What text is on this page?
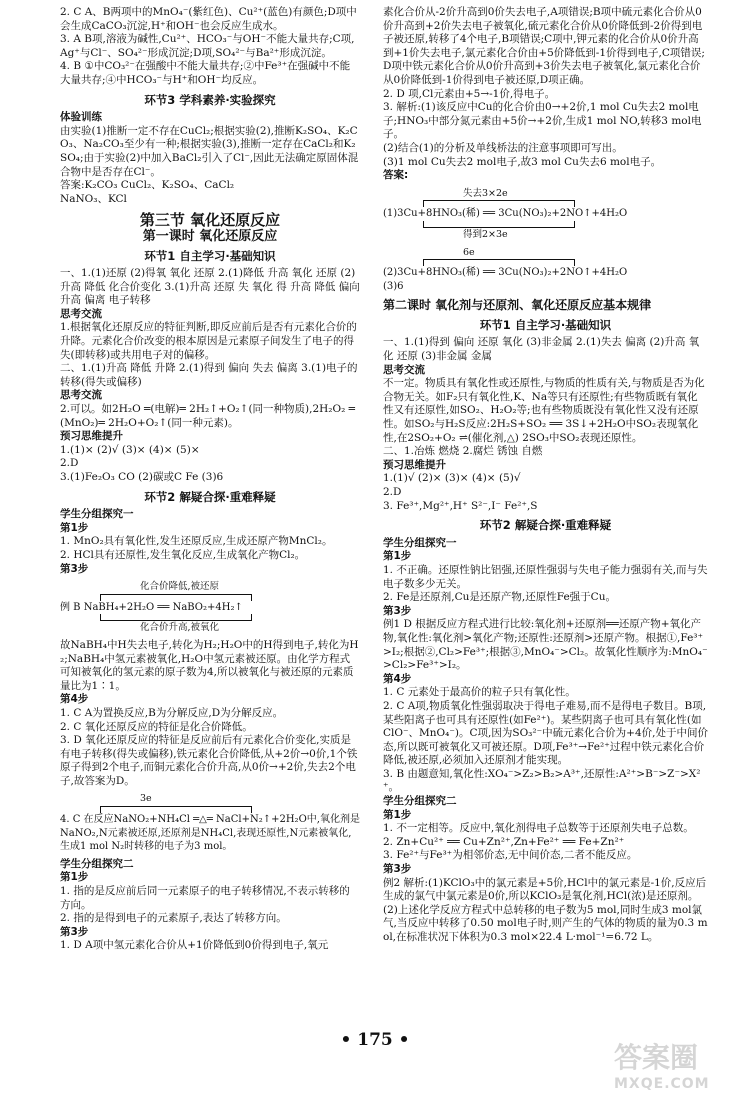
2. C A、B两项中的MnO₄⁻(紫红色)、Cu²⁺(蓝色)有颜色;D项中会生成CaCO₃沉淀,H⁺和OH⁻也会反应生成水。

3. A B项,溶液为碱性,Cu²⁺、HCO₃⁻与OH⁻不能大量共存;C项,Ag⁺与Cl⁻、SO₄²⁻形成沉淀;D项,SO₄²⁻与Ba²⁺形成沉淀。

4. B ①中CO₃²⁻在强酸中不能大量共存;②中Fe³⁺在强碱中不能大量共存;④中HCO₃⁻与H⁺和OH⁻均反应。

环节3 学科素养·实验探究

体验训练

由实验(1)推断一定不存在CuCl₂;根据实验(2),推断K₂SO₄、K₂CO₃、Na₂CO₃至少有一种;根据实验(3),推断一定存在CaCl₂和K₂SO₄;由于实验(2)中加入BaCl₂引入了Cl⁻,因此无法确定原固体混合物中是否存在Cl⁻。

答案:K₂CO₃ CuCl₂、K₂SO₄、CaCl₂

NaNO₃、KCl

第三节 氧化还原反应
第一课时 氧化还原反应
环节1 自主学习·基础知识

一、1.(1)还原 (2)得氧 氧化 还原 2.(1)降低 升高 氧化 还原 (2)升高 降低 化合价变化 3.(1)升高 还原 失 氧化 得 升高 降低 偏向 升高 偏离 电子转移

思考交流

1.根据氧化还原反应的特征判断,即反应前后是否有元素化合价的升降。元素化合价改变的根本原因是元素原子间发生了电子的得失(即转移)或共用电子对的偏移。

二、1.(1)升高 降低 升降 2.(1)得到 偏向 失去 偏离 3.(1)电子的转移(得失或偏移)

思考交流

2.可以。如2H₂O ═(电解)═ 2H₂↑+O₂↑(同一种物质),2H₂O₂ ═(MnO₂)═ 2H₂O+O₂↑(同一种元素)。

预习思维提升

1.(1)× (2)√ (3)× (4)× (5)×

2.D

3.(1)Fe₂O₃ CO (2)碳或C Fe (3)6

环节2 解疑合探·重难释疑

学生分组探究一

第1步

1. MnO₂具有氧化性,发生还原反应,生成还原产物MnCl₂。

2. HCl具有还原性,发生氧化反应,生成氧化产物Cl₂。

第3步

化合价降低,被还原
例 B NaBH₄+2H₂O ══ NaBO₂+4H₂↑
化合价升高,被氧化

故NaBH₄中H失去电子,转化为H₂;H₂O中的H得到电子,转化为H₂;NaBH₄中氢元素被氧化,H₂O中氢元素被还原。由化学方程式可知被氧化的氢元素的原子数为4,所以被氧化与被还原的元素质量比为1∶1。

第4步

1. C A为置换反应,B为分解反应,D为分解反应。

2. C 氧化还原反应的特征是化合价降低。

3. D 氧化还原反应的特征是反应前后有元素化合价变化,实质是有电子转移(得失或偏移),铁元素化合价降低,从+2价→0价,1个铁原子得到2个电子,而铜元素化合价升高,从0价→+2价,失去2个电子,故答案为D。

3e
4. C 在反应NaNO₂+NH₄Cl ═△═ NaCl+N₂↑+2H₂O中,氧化剂是NaNO₂,N元素被还原,还原剂是NH₄Cl,表现还原性,N元素被氧化,生成1 mol N₂时转移的电子为3 mol。

学生分组探究二

第1步

1. 指的是反应前后同一元素原子的电子转移情况,不表示转移的方向。

2. 指的是得到电子的元素原子,表达了转移方向。

第3步

1. D A项中氢元素化合价从+1价降低到0价得到电子,氧元

素化合价从-2价升高到0价失去电子,A项错误;B项中硫元素化合价从0价升高到+2价失去电子被氧化,硫元素化合价从0价降低到-2价得到电子被还原,转移了4个电子,B项错误;C项中,钾元素的化合价从0价升高到+1价失去电子,氯元素化合价由+5价降低到-1价得到电子,C项错误;D项中铁元素化合价从0价升高到+3价失去电子被氧化,氯元素化合价从0价降低到-1价得到电子被还原,D项正确。

2. D 项,Cl元素由+5→-1价,得电子。

3. 解析:(1)该反应中Cu的化合价由0→+2价,1 mol Cu失去2 mol电子;HNO₃中部分氮元素由+5价→+2价,生成1 mol NO,转移3 mol电子。

(2)结合(1)的分析及单线桥法的注意事项即可写出。

(3)1 mol Cu失去2 mol电子,故3 mol Cu失去6 mol电子。

答案:

失去3×2e
(1)3Cu+8HNO₃(稀) ══ 3Cu(NO₃)₂+2NO↑+4H₂O
得到2×3e
6e
(2)3Cu+8HNO₃(稀) ══ 3Cu(NO₃)₂+2NO↑+4H₂O
(3)6
第二课时 氧化剂与还原剂、氧化还原反应基本规律
环节1 自主学习·基础知识

一、1.(1)得到 偏向 还原 氧化 (3)非金属 2.(1)失去 偏离 (2)升高 氧化 还原 (3)非金属 金属

思考交流

不一定。物质具有氧化性或还原性,与物质的性质有关,与物质是否为化合物无关。如F₂只有氧化性,K、Na等只有还原性;有些物质既有氧化性又有还原性,如SO₂、H₂O₂等;也有些物质既没有氧化性又没有还原性。如SO₂与H₂S反应:2H₂S+SO₂ ══ 3S↓+2H₂O中SO₂表现氧化性,在2SO₂+O₂ ⇌(催化剂,△) 2SO₃中SO₂表现还原性。

二、1.冶炼 燃烧 2.腐烂 锈蚀 自燃

预习思维提升

1.(1)√ (2)× (3)× (4)× (5)√

2.D

3. Fe³⁺,Mg²⁺,H⁺ S²⁻,I⁻ Fe²⁺,S

环节2 解疑合探·重难释疑

学生分组探究一

第1步

1. 不正确。还原性钠比铝强,还原性强弱与失电子能力强弱有关,而与失电子数多少无关。

2. Fe是还原剂,Cu是还原产物,还原性Fe强于Cu。

第3步

例1 D 根据反应方程式进行比较:氧化剂+还原剂══还原产物+氧化产物,氧化性:氧化剂>氧化产物;还原性:还原剂>还原产物。根据①,Fe³⁺>I₂;根据②,Cl₂>Fe³⁺;根据③,MnO₄⁻>Cl₂。故氧化性顺序为:MnO₄⁻>Cl₂>Fe³⁺>I₂。

第4步

1. C 元素处于最高价的粒子只有氧化性。

2. C A项,物质氧化性强弱取决于得电子难易,而不是得电子数目。B项,某些阳离子也可具有还原性(如Fe²⁺)。某些阴离子也可具有氧化性(如ClO⁻、MnO₄⁻)。C项,因为SO₃²⁻中硫元素化合价为+4价,处于中间价态,所以既可被氧化又可被还原。D项,Fe³⁺→Fe²⁺过程中铁元素化合价降低,被还原,必须加入还原剂才能实现。

3. B 由题意知,氧化性:XO₄⁻>Z₂>B₂>A³⁺,还原性:A²⁺>B⁻>Z⁻>X²⁺。

学生分组探究二

第1步

1. 不一定相等。反应中,氧化剂得电子总数等于还原剂失电子总数。

2. Zn+Cu²⁺ ══ Cu+Zn²⁺,Zn+Fe²⁺ ══ Fe+Zn²⁺

3. Fe²⁺与Fe³⁺为相邻价态,无中间价态,二者不能反应。

第3步

例2 解析:(1)KClO₃中的氯元素是+5价,HCl中的氯元素是-1价,反应后生成的氯气中氯元素是0价,所以KClO₃是氧化剂,HCl(浓)是还原剂。

(2)上述化学反应方程式中总转移的电子数为5 mol,同时生成3 mol氯气,当反应中转移了0.50 mol电子时,则产生的气体的物质的量为0.3 mol,在标准状况下体积为0.3 mol×22.4 L·mol⁻¹=6.72 L。

• 175 •
答案圈
MXQE.COM
